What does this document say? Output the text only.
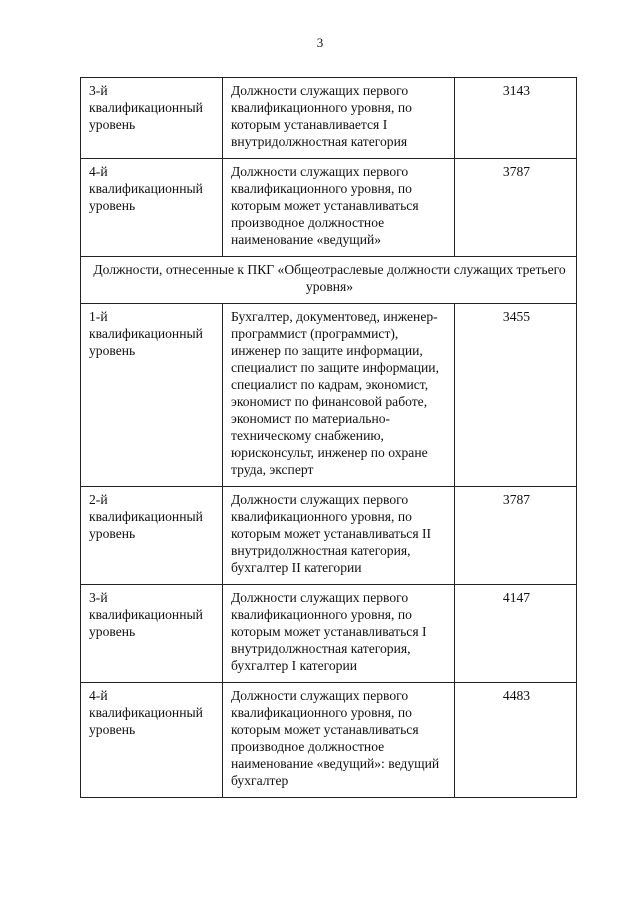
3
3-й квалификационный уровень	Должности служащих первого квалификационного уровня, по которым устанавливается I внутридолжностная категория	3143

4-й квалификационный уровень	Должности служащих первого квалификационного уровня, по которым может устанавливаться производное должностное наименование «ведущий»	3787

Должности, отнесенные к ПКГ «Общеотраслевые должности служащих третьего уровня»		

1-й квалификационный уровень	Бухгалтер, документовед, инженер-программист (программист), инженер по защите информации, специалист по защите информации, специалист по кадрам, экономист, экономист по финансовой работе, экономист по материально-техническому снабжению, юрисконсульт, инженер по охране труда, эксперт	3455

2-й квалификационный уровень	Должности служащих первого квалификационного уровня, по которым может устанавливаться II внутридолжностная категория, бухгалтер II категории	3787

3-й квалификационный уровень	Должности служащих первого квалификационного уровня, по которым может устанавливаться I внутридолжностная категория, бухгалтер I категории	4147

4-й квалификационный уровень	Должности служащих первого квалификационного уровня, по которым может устанавливаться производное должностное наименование «ведущий»: ведущий бухгалтер	4483
